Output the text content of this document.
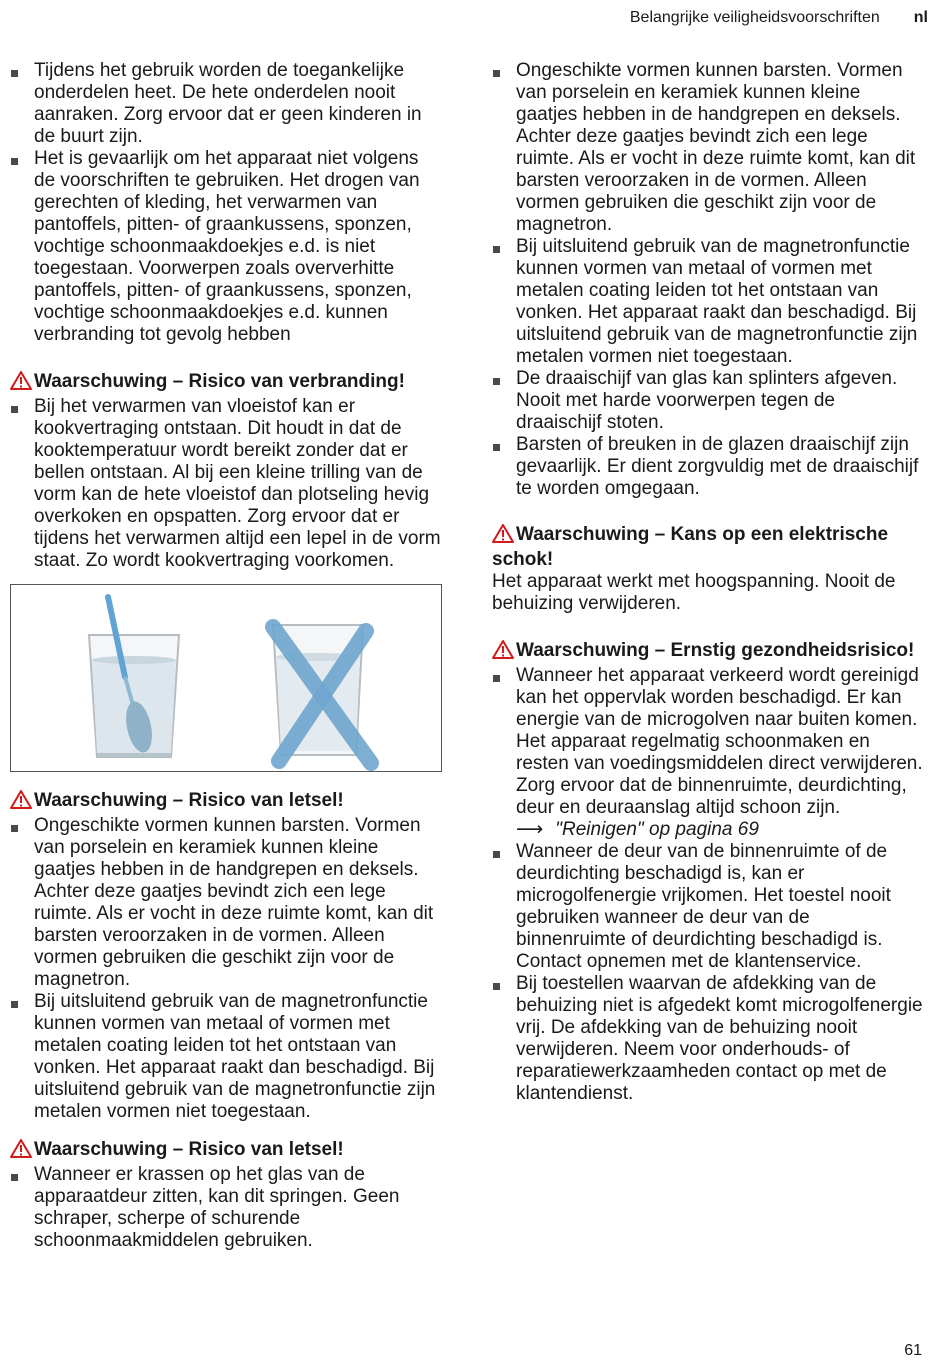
Belangrijke veiligheidsvoorschriften nl
Tijdens het gebruik worden de toegankelijke onderdelen heet. De hete onderdelen nooit aanraken. Zorg ervoor dat er geen kinderen in de buurt zijn.
Het is gevaarlijk om het apparaat niet volgens de voorschriften te gebruiken. Het drogen van gerechten of kleding, het verwarmen van pantoffels, pitten- of graankussens, sponzen, vochtige schoonmaakdoekjes e.d. is niet toegestaan. Voorwerpen zoals oververhitte pantoffels, pitten- of graankussens, sponzen, vochtige schoonmaakdoekjes e.d. kunnen verbranding tot gevolg hebben
Waarschuwing – Risico van verbranding!
Bij het verwarmen van vloeistof kan er kookvertraging ontstaan. Dit houdt in dat de kooktemperatuur wordt bereikt zonder dat er bellen ontstaan. Al bij een kleine trilling van de vorm kan de hete vloeistof dan plotseling hevig overkoken en opspatten. Zorg ervoor dat er tijdens het verwarmen altijd een lepel in de vorm staat. Zo wordt kookvertraging voorkomen.
Waarschuwing – Risico van letsel!
Ongeschikte vormen kunnen barsten. Vormen van porselein en keramiek kunnen kleine gaatjes hebben in de handgrepen en deksels. Achter deze gaatjes bevindt zich een lege ruimte. Als er vocht in deze ruimte komt, kan dit barsten veroorzaken in de vormen. Alleen vormen gebruiken die geschikt zijn voor de magnetron.
Bij uitsluitend gebruik van de magnetronfunctie kunnen vormen van metaal of vormen met metalen coating leiden tot het ontstaan van vonken. Het apparaat raakt dan beschadigd. Bij uitsluitend gebruik van de magnetronfunctie zijn metalen vormen niet toegestaan.
Waarschuwing – Risico van letsel!
Wanneer er krassen op het glas van de apparaatdeur zitten, kan dit springen. Geen schraper, scherpe of schurende schoonmaakmiddelen gebruiken.
Ongeschikte vormen kunnen barsten. Vormen van porselein en keramiek kunnen kleine gaatjes hebben in de handgrepen en deksels. Achter deze gaatjes bevindt zich een lege ruimte. Als er vocht in deze ruimte komt, kan dit barsten veroorzaken in de vormen. Alleen vormen gebruiken die geschikt zijn voor de magnetron.
Bij uitsluitend gebruik van de magnetronfunctie kunnen vormen van metaal of vormen met metalen coating leiden tot het ontstaan van vonken. Het apparaat raakt dan beschadigd. Bij uitsluitend gebruik van de magnetronfunctie zijn metalen vormen niet toegestaan.
De draaischijf van glas kan splinters afgeven. Nooit met harde voorwerpen tegen de draaischijf stoten.
Barsten of breuken in de glazen draaischijf zijn gevaarlijk. Er dient zorgvuldig met de draaischijf te worden omgegaan.
Waarschuwing – Kans op een elektrische schok!

Het apparaat werkt met hoogspanning. Nooit de behuizing verwijderen.

Waarschuwing – Ernstig gezondheidsrisico!
Wanneer het apparaat verkeerd wordt gereinigd kan het oppervlak worden beschadigd. Er kan energie van de microgolven naar buiten komen. Het apparaat regelmatig schoonmaken en resten van voedingsmiddelen direct verwijderen. Zorg ervoor dat de binnenruimte, deurdichting, deur en deuraanslag altijd schoon zijn.
⟶ "Reinigen" op pagina 69
Wanneer de deur van de binnenruimte of de deurdichting beschadigd is, kan er microgolfenergie vrijkomen. Het toestel nooit gebruiken wanneer de deur van de binnenruimte of deurdichting beschadigd is. Contact opnemen met de klantenservice.
Bij toestellen waarvan de afdekking van de behuizing niet is afgedekt komt microgolfenergie vrij. De afdekking van de behuizing nooit verwijderen. Neem voor onderhouds- of reparatiewerkzaamheden contact op met de klantendienst.
61
